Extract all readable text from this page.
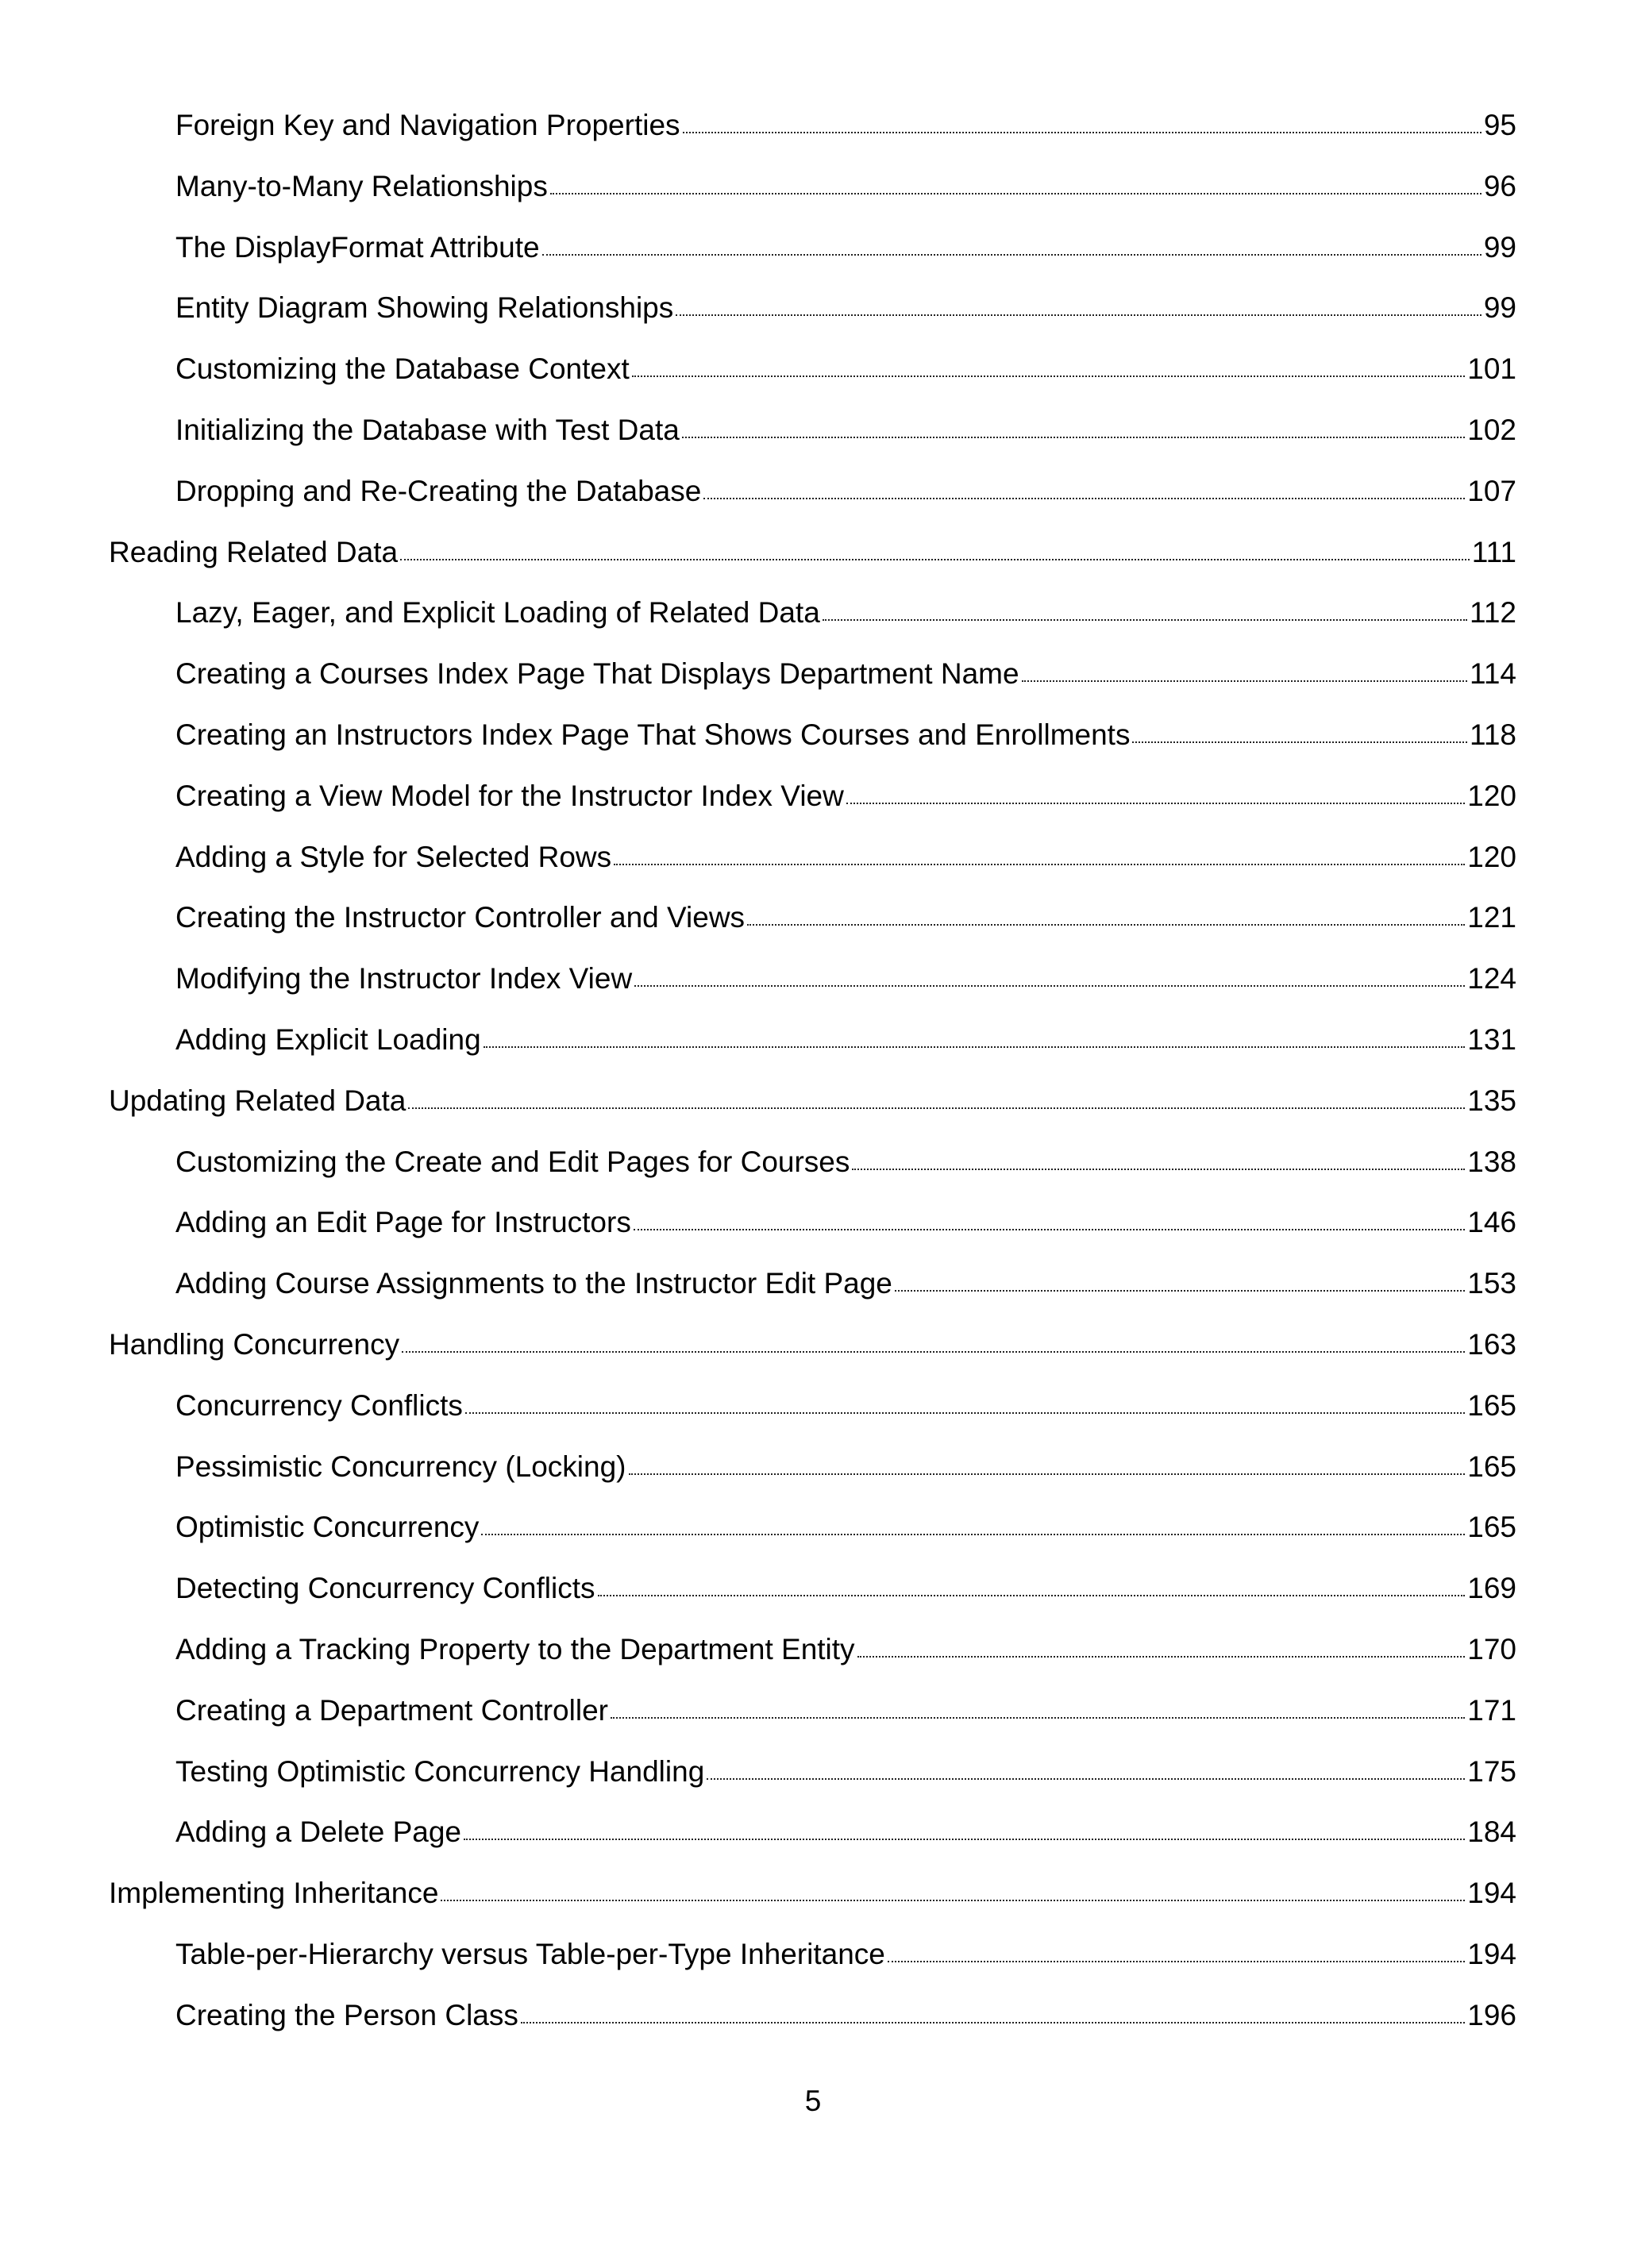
Foreign Key and Navigation Properties	95
Many-to-Many Relationships	96
The DisplayFormat Attribute	99
Entity Diagram Showing Relationships	99
Customizing the Database Context	101
Initializing the Database with Test Data	102
Dropping and Re-Creating the Database	107
Reading Related Data	111
Lazy, Eager, and Explicit Loading of Related Data	112
Creating a Courses Index Page That Displays Department Name	114
Creating an Instructors Index Page That Shows Courses and Enrollments	118
Creating a View Model for the Instructor Index View	120
Adding a Style for Selected Rows	120
Creating the Instructor Controller and Views	121
Modifying the Instructor Index View	124
Adding Explicit Loading	131
Updating Related Data	135
Customizing the Create and Edit Pages for Courses	138
Adding an Edit Page for Instructors	146
Adding Course Assignments to the Instructor Edit Page	153
Handling Concurrency	163
Concurrency Conflicts	165
Pessimistic Concurrency (Locking)	165
Optimistic Concurrency	165
Detecting Concurrency Conflicts	169
Adding a Tracking Property to the Department Entity	170
Creating a Department Controller	171
Testing Optimistic Concurrency Handling	175
Adding a Delete Page	184
Implementing Inheritance	194
Table-per-Hierarchy versus Table-per-Type Inheritance	194
Creating the Person Class	196
5
